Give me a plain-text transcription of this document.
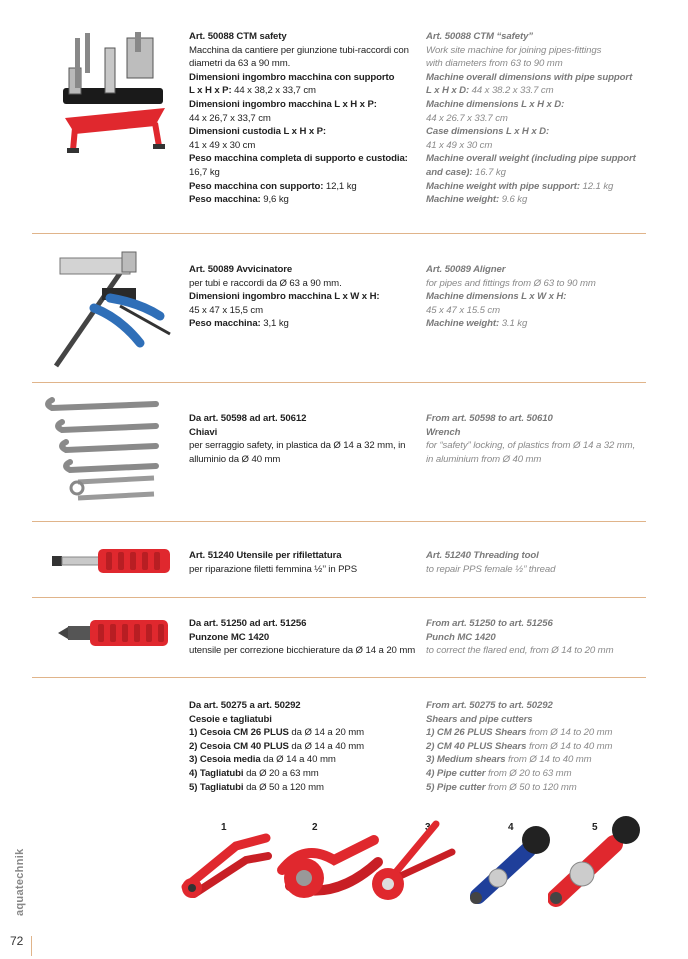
Art. 50088 CTM safety
Macchina da cantiere per giunzione tubi-raccordi con
diametri da 63 a 90 mm.
Dimensioni ingombro macchina con supporto
L x H x P: 44 x 38,2 x 33,7 cm
Dimensioni ingombro macchina L x H x P:
44 x 26,7 x 33,7 cm
Dimensioni custodia L x H x P:
41 x 49 x 30 cm
Peso macchina completa di supporto e custodia:
16,7 kg
Peso macchina con supporto: 12,1 kg
Peso macchina: 9,6 kg
Art. 50088 CTM “safety”
Work site machine for joining pipes-fittings
with diameters from 63 to 90 mm
Machine overall dimensions with pipe support
L x H x D: 44 x 38.2 x 33.7 cm
Machine dimensions L x H x D:
44 x 26.7 x 33.7 cm
Case dimensions L x H x D:
41 x 49 x 30 cm
Machine overall weight (including pipe support
and case): 16.7 kg
Machine weight with pipe support: 12.1 kg
Machine weight: 9.6 kg
Art. 50089 Avvicinatore
per tubi e raccordi da Ø 63 a 90 mm.
Dimensioni ingombro macchina L x W x H:
45 x 47 x 15,5 cm
Peso macchina: 3,1 kg
Art. 50089 Aligner
for pipes and fittings from Ø 63 to 90 mm
Machine dimensions L x W x H:
45 x 47 x 15.5 cm
Machine weight: 3.1 kg
Da art. 50598 ad art. 50612
Chiavi
per serraggio safety, in plastica da Ø 14 a 32 mm, in
alluminio da Ø 40 mm
From art. 50598 to art. 50610
Wrench
for “safety” locking, of plastics from Ø 14 a 32 mm,
in aluminium from Ø 40 mm
Art. 51240 Utensile per rifilettatura
per riparazione filetti femmina ½’’ in PPS
Art. 51240 Threading tool
to repair PPS female ½’’ thread
Da art. 51250 ad art. 51256
Punzone MC 1420
utensile per correzione bicchierature da Ø 14 a 20 mm
From art. 51250 to art. 51256
Punch MC 1420
to correct the flared end, from Ø 14 to 20 mm
Da art. 50275 a art. 50292
Cesoie e tagliatubi
1) Cesoia CM 26 PLUS da Ø 14 a 20 mm
2) Cesoia CM 40 PLUS da Ø 14 a 40 mm
3) Cesoia media da Ø 14 a 40 mm
4) Tagliatubi da Ø 20 a 63 mm
5) Tagliatubi da Ø 50 a 120 mm
From art. 50275 to art. 50292
Shears and pipe cutters
1) CM 26 PLUS Shears from Ø 14 to 20 mm
2) CM 40 PLUS Shears from Ø 14 to 40 mm
3) Medium shears from Ø 14 to 40 mm
4) Pipe cutter from Ø 20 to 63 mm
5) Pipe cutter from Ø 50 to 120 mm
1	2	3	4	5
aquatechnik
72
